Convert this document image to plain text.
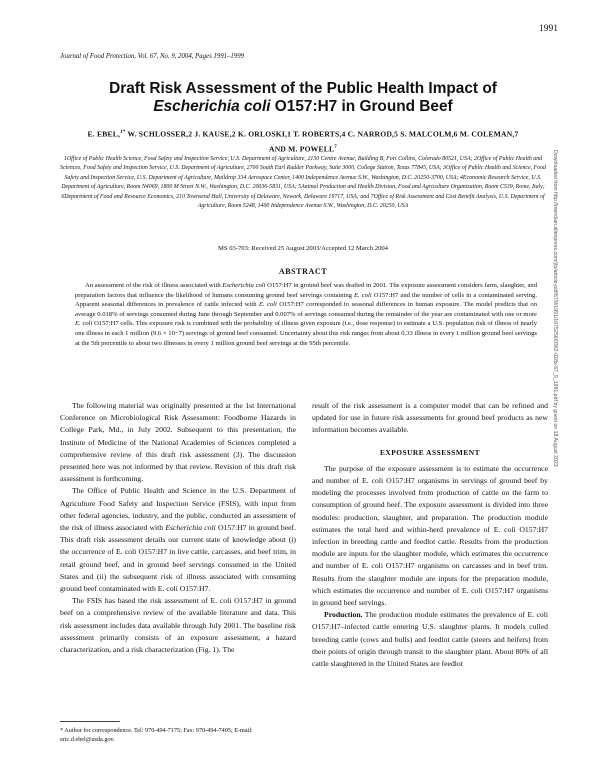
1991
Journal of Food Protection, Vol. 67, No. 9, 2004, Pages 1991–1999
Draft Risk Assessment of the Public Health Impact of
Escherichia coli O157:H7 in Ground Beef
E. EBEL,$^{1*}$ W. SCHLOSSER,2 J. KAUSE,2 K. ORLOSKI,1 T. ROBERTS,4 C. NARROD,5 S. MALCOLM,6 M. COLEMAN,7
AND M. POWELL$^7$
1Office of Public Health Science, Food Safety and Inspection Service, U.S. Department of Agriculture, 2150 Centre Avenue, Building B, Fort Collins, Colorado 80521, USA; 2Office of Public Health and Sciences, Food Safety and Inspection Service, U.S. Department of Agriculture, 2700 South Earl Rudder Parkway, Suite 3000, College Station, Texas 77845, USA; 3Office of Public Health and Science, Food Safety and Inspection Service, U.S. Department of Agriculture, Maildrop 334 Aerospace Center, 1400 Independence Avenue S.W., Washington, D.C. 20250-3700, USA; 4Economic Research Service, U.S. Department of Agriculture, Room N4069, 1800 M Street N.W., Washington, D.C. 20036-5831, USA; 5Animal Production and Health Division, Food and Agriculture Organization, Room C539, Rome, Italy; 6Department of Food and Resource Economics, 210 Townsend Hall, University of Delaware, Newark, Delaware 19717, USA; and 7Office of Risk Assessment and Cost Benefit Analysis, U.S. Department of Agriculture, Room 5248, 1400 Independence Avenue S.W., Washington, D.C. 20250, USA
MS 03-703: Received 25 August 2003/Accepted 12 March 2004
ABSTRACT
An assessment of the risk of illness associated with Escherichia coli O157:H7 in ground beef was drafted in 2001. The exposure assessment considers farm, slaughter, and preparation factors that influence the likelihood of humans consuming ground beef servings containing E. coli O157:H7 and the number of cells in a contaminated serving. Apparent seasonal differences in prevalence of cattle infected with E. coli O157:H7 corresponded to seasonal differences in human exposure. The model predicts that on average 0.018% of servings consumed during June through September and 0.007% of servings consumed during the remainder of the year are contaminated with one or more E. coli O157:H7 cells. This exposure risk is combined with the probability of illness given exposure (i.e., dose response) to estimate a U.S. population risk of illness of nearly one illness in each 1 million (9.6 × 10−7) servings of ground beef consumed. Uncertainty about this risk ranges from about 0.33 illness in every 1 million ground beef servings at the 5th percentile to about two illnesses in every 1 million ground beef servings at the 95th percentile.

The following material was originally presented at the 1st International Conference on Microbiological Risk Assessment: Foodborne Hazards in College Park, Md., in July 2002. Subsequent to this presentation, the Institute of Medicine of the National Academies of Sciences completed a comprehensive review of this draft risk assessment (3). The discussion presented here was not informed by that review. Revision of this draft risk assessment is forthcoming.

The Office of Public Health and Science in the U.S. Department of Agriculture Food Safety and Inspection Service (FSIS), with input from other federal agencies, industry, and the public, conducted an assessment of the risk of illness associated with Escherichia coli O157:H7 in ground beef. This draft risk assessment details our current state of knowledge about (i) the occurrence of E. coli O157:H7 in live cattle, carcasses, and beef trim, in retail ground beef, and in ground beef servings consumed in the United States and (ii) the subsequent risk of illness associated with consuming ground beef contaminated with E. coli O157:H7.

The FSIS has based the risk assessment of E. coli O157:H7 in ground beef on a comprehensive review of the available literature and data. This risk assessment includes data available through July 2001. The baseline risk assessment primarily consists of an exposure assessment, a hazard characterization, and a risk characterization (Fig. 1). The

* Author for correspondence. Tel: 970-494-7175; Fax: 970-494-7405; E-mail: eric.d.ebel@usda.gov.

result of the risk assessment is a computer model that can be refined and updated for use in future risk assessments for ground beef products as new information becomes available.

EXPOSURE ASSESSMENT

The purpose of the exposure assessment is to estimate the occurrence and number of E. coli O157:H7 organisms in servings of ground beef by modeling the processes involved from production of cattle on the farm to consumption of ground beef. The exposure assessment is divided into three modules: production, slaughter, and preparation. The production module estimates the total herd and within-herd prevalence of E. coli O157:H7 infection in breeding cattle and feedlot cattle. Results from the production module are inputs for the slaughter module, which estimates the occurrence and number of E. coli O157:H7 organisms on carcasses and in beef trim. Results from the slaughter module are inputs for the preparation module, which estimates the occurrence and number of E. coli O157:H7 organisms in ground beef servings.

Production. The production module estimates the prevalence of E. coli O157:H7–infected cattle entering U.S. slaughter plants. It models culled breeding cattle (cows and bulls) and feedlot cattle (steers and heifers) from their points of origin through transit to the slaughter plant. About 80% of all cattle slaughtered in the United States are feedlot

Downloaded from http://meridian.allenpress.com/jfp/article-pdf/67/9/1991/1675256/0362-028x-67_9_1991.pdf by guest on 18 August 2023
